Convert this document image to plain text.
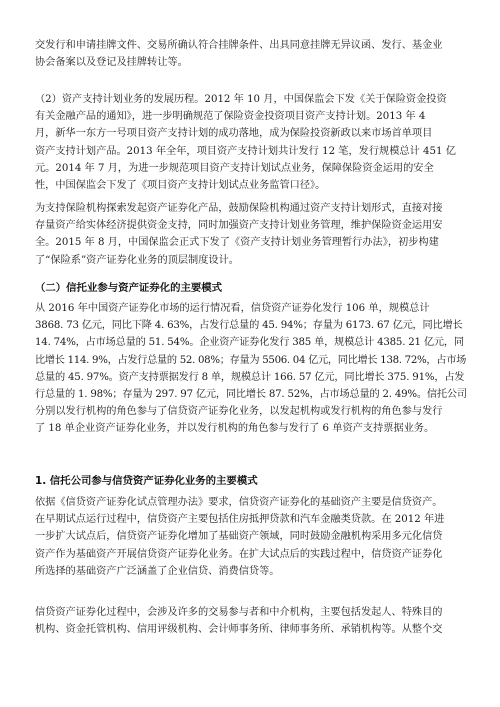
交发行和申请挂牌文件、交易所确认符合挂牌条件、出具同意挂牌无异议函、发行、基金业
协会备案以及登记及挂牌转让等。
（2）资产支持计划业务的发展历程。2012 年 10 月，中国保监会下发《关于保险资金投资
有关金融产品的通知》，进一步明确规范了保险资金投资项目资产支持计划。2013 年 4
月，新华一东方一号项目资产支持计划的成功落地，成为保险投资新政以来市场首单项目
资产支持计划产品。2013 年全年，项目资产支持计划共计发行 12 笔，发行规模总计 451 亿
元。2014 年 7 月，为进一步规范项目资产支持计划试点业务，保障保险资金运用的安全
性，中国保监会下发了《项目资产支持计划试点业务监管口径》。
为支持保险机构探索发起资产证券化产品，鼓励保险机构通过资产支持计划形式，直接对接
存量资产给实体经济提供资金支持，同时加强资产支持计划业务管理，维护保险资金运用安
全。2015 年 8 月，中国保监会正式下发了《资产支持计划业务管理暂行办法》，初步构建
了“保险系”资产证券化业务的顶层制度设计。
（二）信托业参与资产证券化的主要模式
从 2016 年中国资产证券化市场的运行情况看，信贷资产证券化发行 106 单，规模总计
3868. 73 亿元，同比下降 4. 63%，占发行总量的 45. 94%；存量为 6173. 67 亿元，同比增长
14. 74%，占市场总量的 51. 54%。企业资产证券化发行 385 单，规模总计 4385. 21 亿元，同
比增长 114. 9%，占发行总量的 52. 08%；存量为 5506. 04 亿元，同比增长 138. 72%，占市场
总量的 45. 97%。资产支持票据发行 8 单，规模总计 166. 57 亿元，同比增长 375. 91%，占发
行总量的 1. 98%；存量为 297. 97 亿元，同比增长 87. 52%，占市场总量的 2. 49%。信托公司
分别以发行机构的角色参与了信贷资产证券化业务，以发起机构或发行机构的角色参与发行
了 18 单企业资产证券化业务，并以发行机构的角色参与发行了 6 单资产支持票据业务。
1. 信托公司参与信贷资产证券化业务的主要模式
依据《信贷资产证券化试点管理办法》要求，信贷资产证券化的基础资产主要是信贷资产。
在早期试点运行过程中，信贷资产主要包括住房抵押贷款和汽车金融类贷款。在 2012 年进
一步扩大试点后，信贷资产证券化增加了基础资产领域，同时鼓励金融机构采用多元化信贷
资产作为基础资产开展信贷资产证券化业务。在扩大试点后的实践过程中，信贷资产证券化
所选择的基础资产广泛涵盖了企业信贷、消费信贷等。
信贷资产证券化过程中，会涉及许多的交易参与者和中介机构，主要包括发起人、特殊目的
机构、资金托管机构、信用评级机构、会计师事务所、律师事务所、承销机构等。从整个交
